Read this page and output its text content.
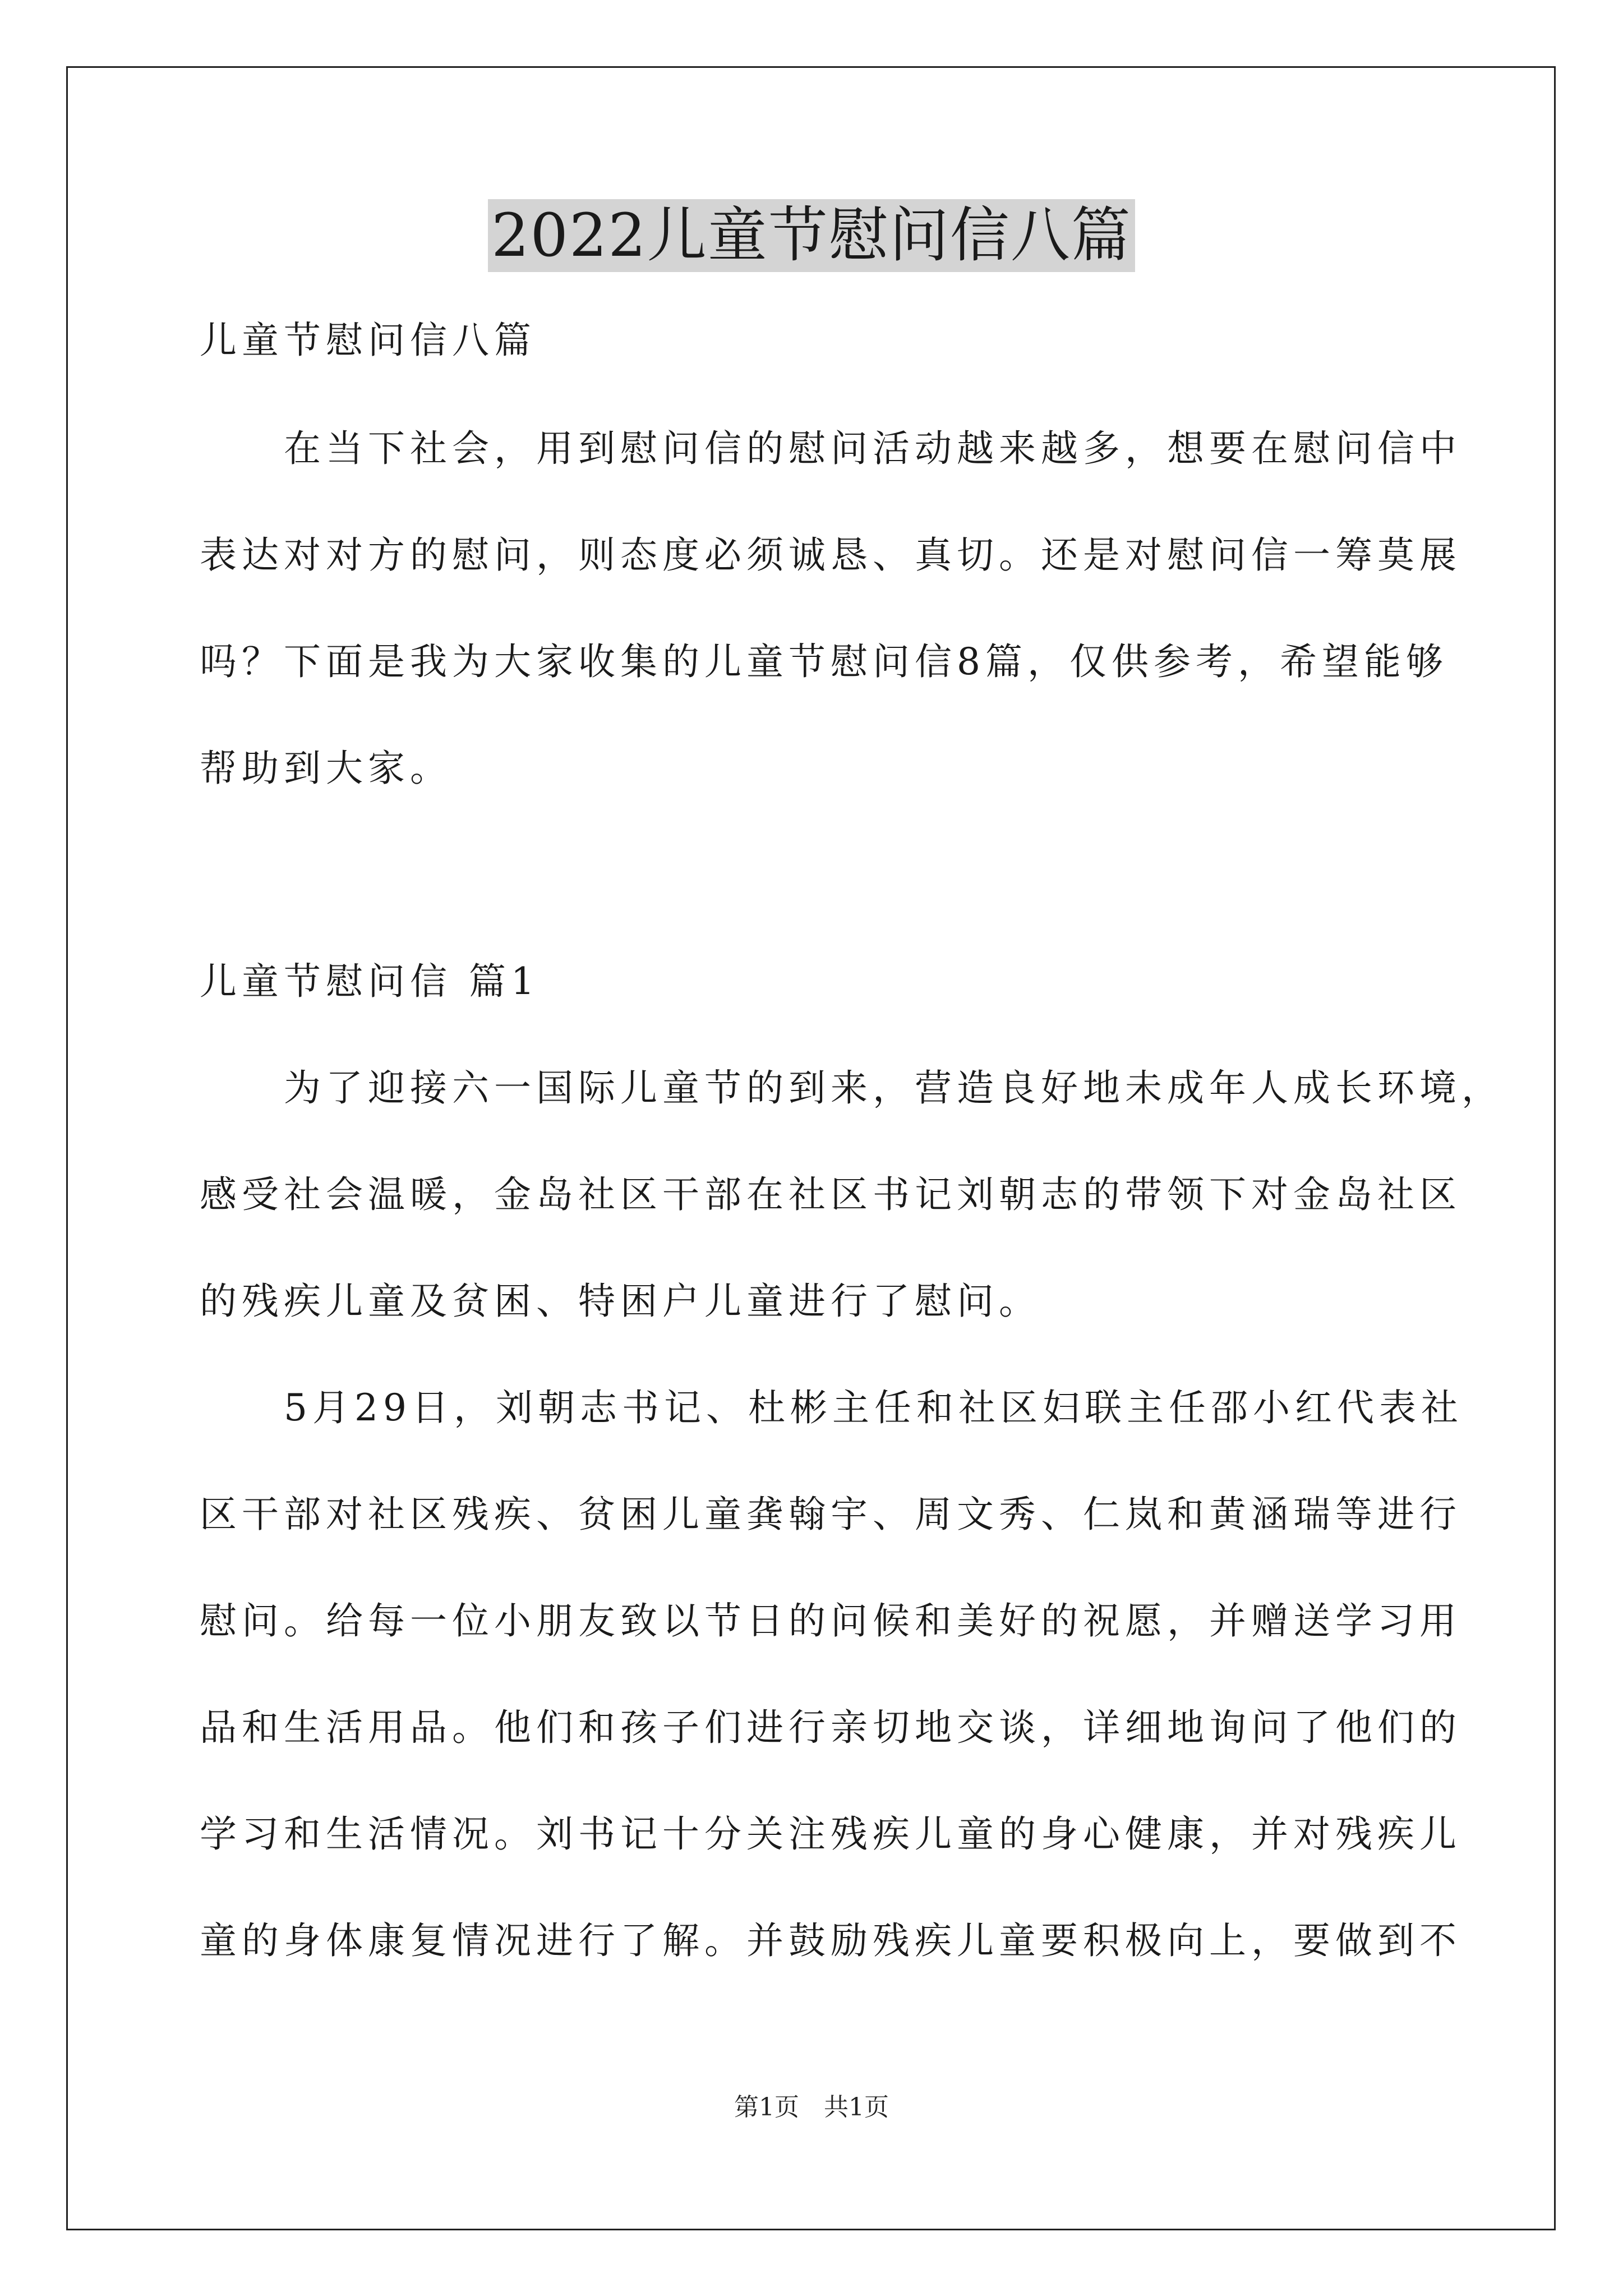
2022儿童节慰问信八篇

儿童节慰问信八篇

　　在当下社会，用到慰问信的慰问活动越来越多，想要在慰问信中

表达对对方的慰问，则态度必须诚恳、真切。还是对慰问信一筹莫展

吗？下面是我为大家收集的儿童节慰问信8篇，仅供参考，希望能够

帮助到大家。

儿童节慰问信 篇1

　　为了迎接六一国际儿童节的到来，营造良好地未成年人成长环境，

感受社会温暖，金岛社区干部在社区书记刘朝志的带领下对金岛社区

的残疾儿童及贫困、特困户儿童进行了慰问。

　　5月29日，刘朝志书记、杜彬主任和社区妇联主任邵小红代表社

区干部对社区残疾、贫困儿童龚翰宇、周文秀、仁岚和黄涵瑞等进行

慰问。给每一位小朋友致以节日的问候和美好的祝愿，并赠送学习用

品和生活用品。他们和孩子们进行亲切地交谈，详细地询问了他们的

学习和生活情况。刘书记十分关注残疾儿童的身心健康，并对残疾儿

童的身体康复情况进行了解。并鼓励残疾儿童要积极向上，要做到不

第1页　共1页
